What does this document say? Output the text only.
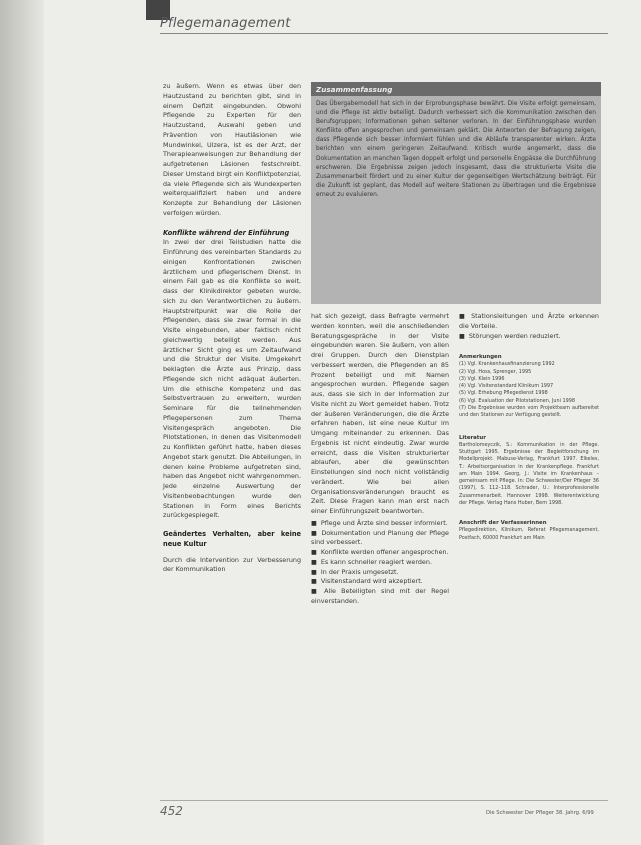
Pflegemanagement

zu äußern. Wenn es etwas über den Hautzustand zu berichten gibt, sind in einem Defizit eingebunden. Obwohl Pflegende zu Experten für den Hautzustand, Auswahl geben und Prävention von Hautläsionen wie Mundwinkel, Ulzera, ist es der Arzt, der Therapieanweisungen zur Behandlung der aufgetretenen Läsionen festschreibt. Dieser Umstand birgt ein Konfliktpotenzial, da viele Pflegende sich als Wundexperten weiterqualifiziert haben und andere Konzepte zur Behandlung der Läsionen verfolgen würden.

Konflikte während der Einführung

In zwei der drei Teilstudien hatte die Einführung des vereinbarten Standards zu einigen Konfrontationen zwischen ärztlichem und pflegerischem Dienst. In einem Fall gab es die Konflikte so weit, dass der Klinikdirektor gebeten wurde, sich zu den Verantwortlichen zu äußern. Hauptstreitpunkt war die Rolle der Pflegenden, dass sie zwar formal in die Visite eingebunden, aber faktisch nicht gleichwertig beteiligt werden. Aus ärztlicher Sicht ging es um Zeitaufwand und die Struktur der Visite. Umgekehrt beklagten die Ärzte aus Prinzip, dass Pflegende sich nicht adäquat äußerten. Um die ethische Kompetenz und das Selbstvertrauen zu erweitern, wurden Seminare für die teilnehmenden Pflegepersonen zum Thema Visitengespräch angeboten. Die Pilotstationen, in denen das Visitenmodell zu Konflikten geführt hatte, haben dieses Angebot stark genutzt. Die Abteilungen, in denen keine Probleme aufgetreten sind, haben das Angebot nicht wahrgenommen. Jede einzelne Auswertung der Visitenbeobachtungen wurde den Stationen in Form eines Berichts zurückgespiegelt.

Geändertes Verhalten, aber keine neue Kultur

Durch die Intervention zur Verbesserung der Kommunikation

Zusammenfassung
Das Übergabemodell hat sich in der Erprobungsphase bewährt. Die Visite erfolgt gemeinsam, und die Pflege ist aktiv beteiligt. Dadurch verbessert sich die Kommunikation zwischen den Berufsgruppen; Informationen gehen seltener verloren. In der Einführungsphase wurden Konflikte offen angesprochen und gemeinsam geklärt. Die Antworten der Befragung zeigen, dass Pflegende sich besser informiert fühlen und die Abläufe transparenter wirken. Ärzte berichten von einem geringeren Zeitaufwand. Kritisch wurde angemerkt, dass die Dokumentation an manchen Tagen doppelt erfolgt und personelle Engpässe die Durchführung erschweren. Die Ergebnisse zeigen jedoch insgesamt, dass die strukturierte Visite die Zusammenarbeit fördert und zu einer Kultur der gegenseitigen Wertschätzung beiträgt. Für die Zukunft ist geplant, das Modell auf weitere Stationen zu übertragen und die Ergebnisse erneut zu evaluieren.

hat sich gezeigt, dass Befragte vermehrt werden konnten, weil die anschließenden Beratungsgespräche in der Visite eingebunden waren. Sie äußern, von allen drei Gruppen. Durch den Dienstplan verbessert werden, die Pflegenden an 85 Prozent beteiligt und mit Namen angesprochen wurden. Pflegende sagen aus, dass sie sich in der Information zur Visite nicht zu Wort gemeldet haben. Trotz der äußeren Veränderungen, die die Ärzte erfahren haben, ist eine neue Kultur im Umgang miteinander zu erkennen. Das Ergebnis ist nicht eindeutig. Zwar wurde erreicht, dass die Visiten strukturierter ablaufen, aber die gewünschten Einstellungen sind noch nicht vollständig verändert. Wie bei allen Organisationsveränderungen braucht es Zeit. Diese Fragen kann man erst nach einer Einführungszeit beantworten.

■ Pflege und Ärzte sind besser informiert.
■ Dokumentation und Planung der Pflege sind verbessert.
■ Konflikte werden offener angesprochen.
■ Es kann schneller reagiert werden.
■ In der Praxis umgesetzt.
■ Visitenstandard wird akzeptiert.
■ Alle Beteiligten sind mit der Regel einverstanden.
■ Stationsleitungen und Ärzte erkennen die Vorteile.
■ Störungen werden reduziert.
Anmerkungen
(1) Vgl. Krankenhausfinanzierung 1992
(2) Vgl. Hoss, Sprenger, 1995
(3) Vgl. Klein 1996
(4) Vgl. Visitenstandard Klinikum 1997
(5) Vgl. Erhebung Pflegedienst 1998
(6) Vgl. Evaluation der Pilotstationen, Juni 1998
(7) Die Ergebnisse wurden vom Projektteam aufbereitet und den Stationen zur Verfügung gestellt.
Literatur
Bartholomeyczik, S.: Kommunikation in der Pflege. Stuttgart 1995. Ergebnisse der Begleitforschung im Modellprojekt. Mabuse-Verlag, Frankfurt 1997. Elkeles, T.: Arbeitsorganisation in der Krankenpflege. Frankfurt am Main 1994. Georg, J.: Visite im Krankenhaus – gemeinsam mit Pflege. In: Die Schwester/Der Pfleger 36 (1997), S. 112–118. Schrader, U.: Interprofessionelle Zusammenarbeit. Hannover 1998. Weiterentwicklung der Pflege. Verlag Hans Huber, Bern 1998.
Anschrift der Verfasserinnen
Pflegedirektion, Klinikum, Referat Pflegemanagement, Postfach, 60000 Frankfurt am Main
452	Die Schwester Der Pfleger 38. Jahrg. 6/99
